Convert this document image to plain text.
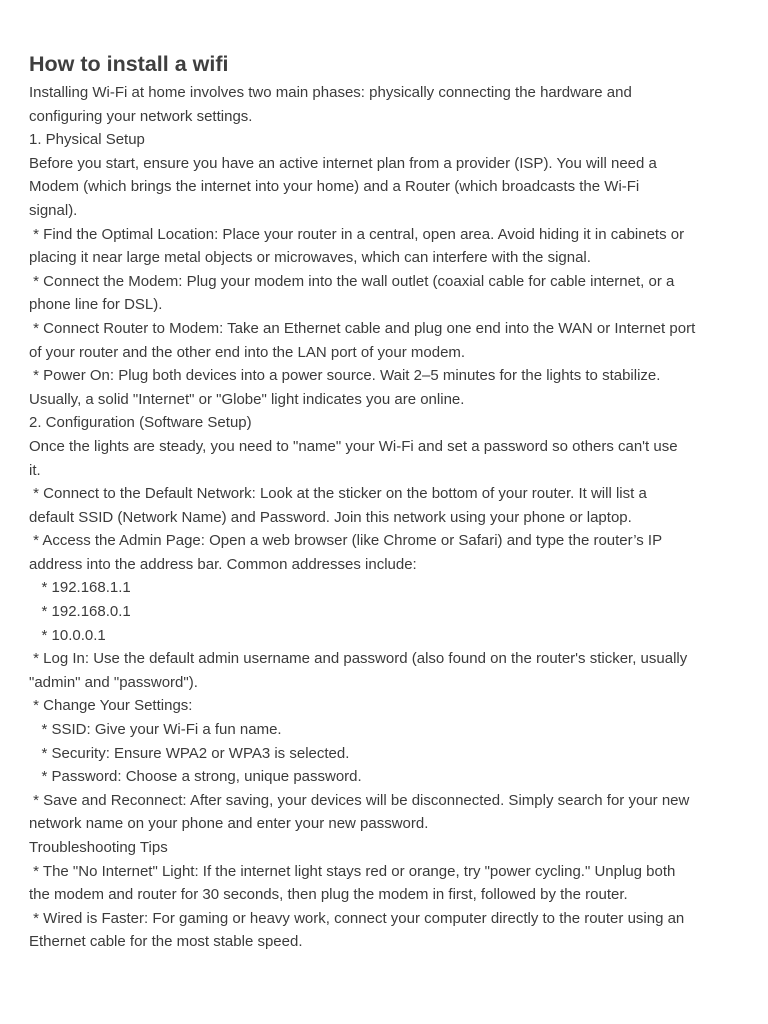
How to install a wifi
Installing Wi-Fi at home involves two main phases: physically connecting the hardware and
configuring your network settings.
1. Physical Setup
Before you start, ensure you have an active internet plan from a provider (ISP). You will need a
Modem (which brings the internet into your home) and a Router (which broadcasts the Wi-Fi
signal).
* Find the Optimal Location: Place your router in a central, open area. Avoid hiding it in cabinets or
placing it near large metal objects or microwaves, which can interfere with the signal.
* Connect the Modem: Plug your modem into the wall outlet (coaxial cable for cable internet, or a
phone line for DSL).
* Connect Router to Modem: Take an Ethernet cable and plug one end into the WAN or Internet port
of your router and the other end into the LAN port of your modem.
* Power On: Plug both devices into a power source. Wait 2–5 minutes for the lights to stabilize.
Usually, a solid "Internet" or "Globe" light indicates you are online.
2. Configuration (Software Setup)
Once the lights are steady, you need to "name" your Wi-Fi and set a password so others can't use
it.
* Connect to the Default Network: Look at the sticker on the bottom of your router. It will list a
default SSID (Network Name) and Password. Join this network using your phone or laptop.
* Access the Admin Page: Open a web browser (like Chrome or Safari) and type the router’s IP
address into the address bar. Common addresses include:
* 192.168.1.1
* 192.168.0.1
* 10.0.0.1
* Log In: Use the default admin username and password (also found on the router's sticker, usually
"admin" and "password").
* Change Your Settings:
* SSID: Give your Wi-Fi a fun name.
* Security: Ensure WPA2 or WPA3 is selected.
* Password: Choose a strong, unique password.
* Save and Reconnect: After saving, your devices will be disconnected. Simply search for your new
network name on your phone and enter your new password.
Troubleshooting Tips
* The "No Internet" Light: If the internet light stays red or orange, try "power cycling." Unplug both
the modem and router for 30 seconds, then plug the modem in first, followed by the router.
* Wired is Faster: For gaming or heavy work, connect your computer directly to the router using an
Ethernet cable for the most stable speed.
